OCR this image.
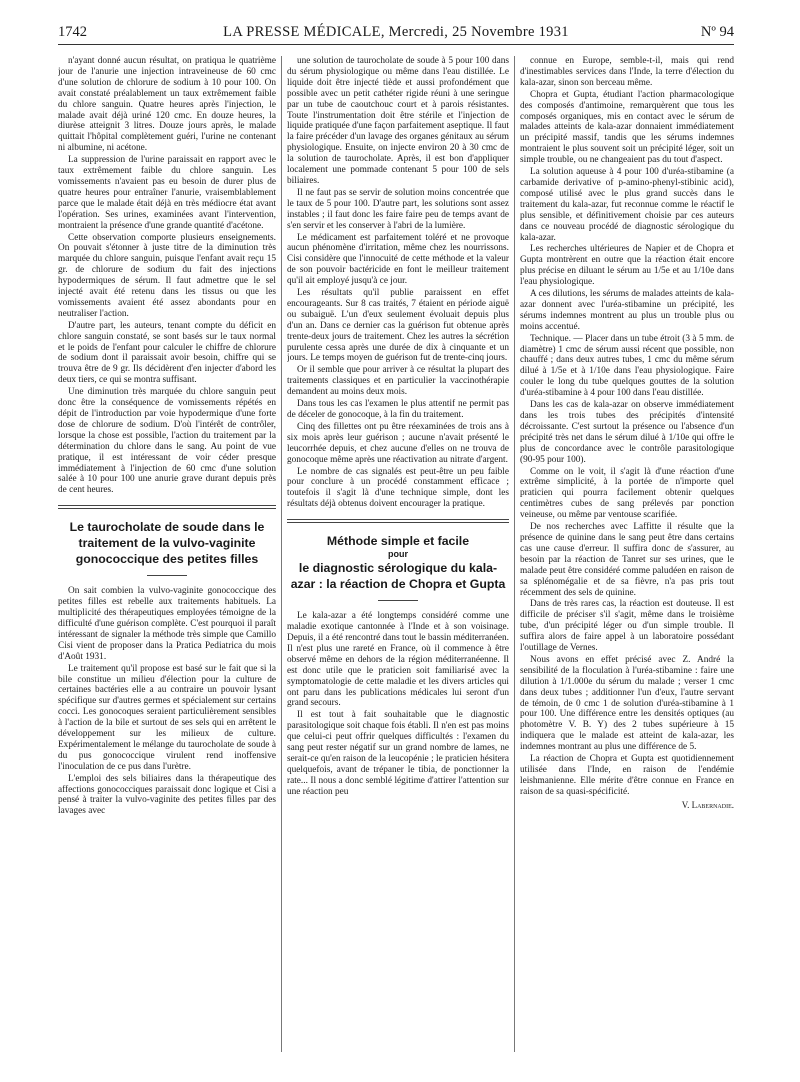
1742	LA PRESSE MÉDICALE, Mercredi, 25 Novembre 1931	Nº 94

n'ayant donné aucun résultat, on pratiqua le quatrième jour de l'anurie une injection intraveineuse de 60 cmc d'une solution de chlorure de sodium à 10 pour 100. On avait constaté préalablement un taux extrêmement faible du chlore sanguin. Quatre heures après l'injection, le malade avait déjà uriné 120 cmc. En douze heures, la diurèse atteignit 3 litres. Douze jours après, le malade quittait l'hôpital complètement guéri, l'urine ne contenant ni albumine, ni acétone.

La suppression de l'urine paraissait en rapport avec le taux extrêmement faible du chlore sanguin. Les vomissements n'avaient pas eu besoin de durer plus de quatre heures pour entraîner l'anurie, vraisemblablement parce que le malade était déjà en très médiocre état avant l'opération. Ses urines, examinées avant l'intervention, montraient la présence d'une grande quantité d'acétone.

Cette observation comporte plusieurs enseignements. On pouvait s'étonner à juste titre de la diminution très marquée du chlore sanguin, puisque l'enfant avait reçu 15 gr. de chlorure de sodium du fait des injections hypodermiques de sérum. Il faut admettre que le sel injecté avait été retenu dans les tissus ou que les vomissements avaient été assez abondants pour en neutraliser l'action.

D'autre part, les auteurs, tenant compte du déficit en chlore sanguin constaté, se sont basés sur le taux normal et le poids de l'enfant pour calculer le chiffre de chlorure de sodium dont il paraissait avoir besoin, chiffre qui se trouva être de 9 gr. Ils décidèrent d'en injecter d'abord les deux tiers, ce qui se montra suffisant.

Une diminution très marquée du chlore sanguin peut donc être la conséquence de vomissements répétés en dépit de l'introduction par voie hypodermique d'une forte dose de chlorure de sodium. D'où l'intérêt de contrôler, lorsque la chose est possible, l'action du traitement par la détermination du chlore dans le sang. Au point de vue pratique, il est intéressant de voir céder presque immédiatement à l'injection de 60 cmc d'une solution salée à 10 pour 100 une anurie grave durant depuis près de cent heures.

Le taurocholate de soude dans le traitement de la vulvo-vaginite gonococcique des petites filles

On sait combien la vulvo-vaginite gonococcique des petites filles est rebelle aux traitements habituels. La multiplicité des thérapeutiques employées témoigne de la difficulté d'une guérison complète. C'est pourquoi il paraît intéressant de signaler la méthode très simple que Camillo Cisi vient de proposer dans la Pratica Pediatrica du mois d'Août 1931.

Le traitement qu'il propose est basé sur le fait que si la bile constitue un milieu d'élection pour la culture de certaines bactéries elle a au contraire un pouvoir lysant spécifique sur d'autres germes et spécialement sur certains cocci. Les gonocoques seraient particulièrement sensibles à l'action de la bile et surtout de ses sels qui en arrêtent le développement sur les milieux de culture. Expérimentalement le mélange du taurocholate de soude à du pus gonococcique virulent rend inoffensive l'inoculation de ce pus dans l'urètre.

L'emploi des sels biliaires dans la thérapeutique des affections gonococciques paraissait donc logique et Cisi a pensé à traiter la vulvo-vaginite des petites filles par des lavages avec

une solution de taurocholate de soude à 5 pour 100 dans du sérum physiologique ou même dans l'eau distillée. Le liquide doit être injecté tiède et aussi profondément que possible avec un petit cathéter rigide réuni à une seringue par un tube de caoutchouc court et à parois résistantes. Toute l'instrumentation doit être stérile et l'injection de liquide pratiquée d'une façon parfaitement aseptique. Il faut la faire précéder d'un lavage des organes génitaux au sérum physiologique. Ensuite, on injecte environ 20 à 30 cmc de la solution de taurocholate. Après, il est bon d'appliquer localement une pommade contenant 5 pour 100 de sels biliaires.

Il ne faut pas se servir de solution moins concentrée que le taux de 5 pour 100. D'autre part, les solutions sont assez instables ; il faut donc les faire faire peu de temps avant de s'en servir et les conserver à l'abri de la lumière.

Le médicament est parfaitement toléré et ne provoque aucun phénomène d'irritation, même chez les nourrissons. Cisi considère que l'innocuité de cette méthode et la valeur de son pouvoir bactéricide en font le meilleur traitement qu'il ait employé jusqu'à ce jour.

Les résultats qu'il publie paraissent en effet encourageants. Sur 8 cas traités, 7 étaient en période aiguë ou subaiguë. L'un d'eux seulement évoluait depuis plus d'un an. Dans ce dernier cas la guérison fut obtenue après trente-deux jours de traitement. Chez les autres la sécrétion purulente cessa après une durée de dix à cinquante et un jours. Le temps moyen de guérison fut de trente-cinq jours.

Or il semble que pour arriver à ce résultat la plupart des traitements classiques et en particulier la vaccinothérapie demandent au moins deux mois.

Dans tous les cas l'examen le plus attentif ne permit pas de déceler de gonocoque, à la fin du traitement.

Cinq des fillettes ont pu être réexaminées de trois ans à six mois après leur guérison ; aucune n'avait présenté le leucorrhée depuis, et chez aucune d'elles on ne trouva de gonocoque même après une réactivation au nitrate d'argent.

Le nombre de cas signalés est peut-être un peu faible pour conclure à un procédé constamment efficace ; toutefois il s'agit là d'une technique simple, dont les résultats déjà obtenus doivent encourager la pratique.

Méthode simple et facile
pour
le diagnostic sérologique du kala-azar : la réaction de Chopra et Gupta

Le kala-azar a été longtemps considéré comme une maladie exotique cantonnée à l'Inde et à son voisinage. Depuis, il a été rencontré dans tout le bassin méditerranéen. Il n'est plus une rareté en France, où il commence à être observé même en dehors de la région méditerranéenne. Il est donc utile que le praticien soit familiarisé avec la symptomatologie de cette maladie et les divers articles qui ont paru dans les publications médicales lui seront d'un grand secours.

Il est tout à fait souhaitable que le diagnostic parasitologique soit chaque fois établi. Il n'en est pas moins que celui-ci peut offrir quelques difficultés : l'examen du sang peut rester négatif sur un grand nombre de lames, ne serait-ce qu'en raison de la leucopénie ; le praticien hésitera quelquefois, avant de trépaner le tibia, de ponctionner la rate... Il nous a donc semblé légitime d'attirer l'attention sur une réaction peu

connue en Europe, semble-t-il, mais qui rend d'inestimables services dans l'Inde, la terre d'élection du kala-azar, sinon son berceau même.

Chopra et Gupta, étudiant l'action pharmacologique des composés d'antimoine, remarquèrent que tous les composés organiques, mis en contact avec le sérum de malades atteints de kala-azar donnaient immédiatement un précipité massif, tandis que les sérums indemnes montraient le plus souvent soit un précipité léger, soit un simple trouble, ou ne changeaient pas du tout d'aspect.

La solution aqueuse à 4 pour 100 d'uréa-stibamine (a carbamide derivative of p-amino-phenyl-stibinic acid), composé utilisé avec le plus grand succès dans le traitement du kala-azar, fut reconnue comme le réactif le plus sensible, et définitivement choisie par ces auteurs dans ce nouveau procédé de diagnostic sérologique du kala-azar.

Les recherches ultérieures de Napier et de Chopra et Gupta montrèrent en outre que la réaction était encore plus précise en diluant le sérum au 1/5e et au 1/10e dans l'eau physiologique.

A ces dilutions, les sérums de malades atteints de kala-azar donnent avec l'uréa-stibamine un précipité, les sérums indemnes montrent au plus un trouble plus ou moins accentué.

Technique. — Placer dans un tube étroit (3 à 5 mm. de diamètre) 1 cmc de sérum aussi récent que possible, non chauffé ; dans deux autres tubes, 1 cmc du même sérum dilué à 1/5e et à 1/10e dans l'eau physiologique. Faire couler le long du tube quelques gouttes de la solution d'uréa-stibamine à 4 pour 100 dans l'eau distillée.

Dans les cas de kala-azar on observe immédiatement dans les trois tubes des précipités d'intensité décroissante. C'est surtout la présence ou l'absence d'un précipité très net dans le sérum dilué à 1/10e qui offre le plus de concordance avec le contrôle parasitologique (90-95 pour 100).

Comme on le voit, il s'agit là d'une réaction d'une extrême simplicité, à la portée de n'importe quel praticien qui pourra facilement obtenir quelques centimètres cubes de sang prélevés par ponction veineuse, ou même par ventouse scarifiée.

De nos recherches avec Laffitte il résulte que la présence de quinine dans le sang peut être dans certains cas une cause d'erreur. Il suffira donc de s'assurer, au besoin par la réaction de Tanret sur ses urines, que le malade peut être considéré comme paludéen en raison de sa splénomégalie et de sa fièvre, n'a pas pris tout récemment des sels de quinine.

Dans de très rares cas, la réaction est douteuse. Il est difficile de préciser s'il s'agit, même dans le troisième tube, d'un précipité léger ou d'un simple trouble. Il suffira alors de faire appel à un laboratoire possédant l'outillage de Vernes.

Nous avons en effet précisé avec Z. André la sensibilité de la floculation à l'uréa-stibamine : faire une dilution à 1/1.000e du sérum du malade ; verser 1 cmc dans deux tubes ; additionner l'un d'eux, l'autre servant de témoin, de 0 cmc 1 de solution d'uréa-stibamine à 1 pour 100. Une différence entre les densités optiques (au photomètre V. B. Y) des 2 tubes supérieure à 15 indiquera que le malade est atteint de kala-azar, les indemnes montrant au plus une différence de 5.

La réaction de Chopra et Gupta est quotidiennement utilisée dans l'Inde, en raison de l'endémie leishmanienne. Elle mérite d'être connue en France en raison de sa quasi-spécificité.

V. Labernadie.
